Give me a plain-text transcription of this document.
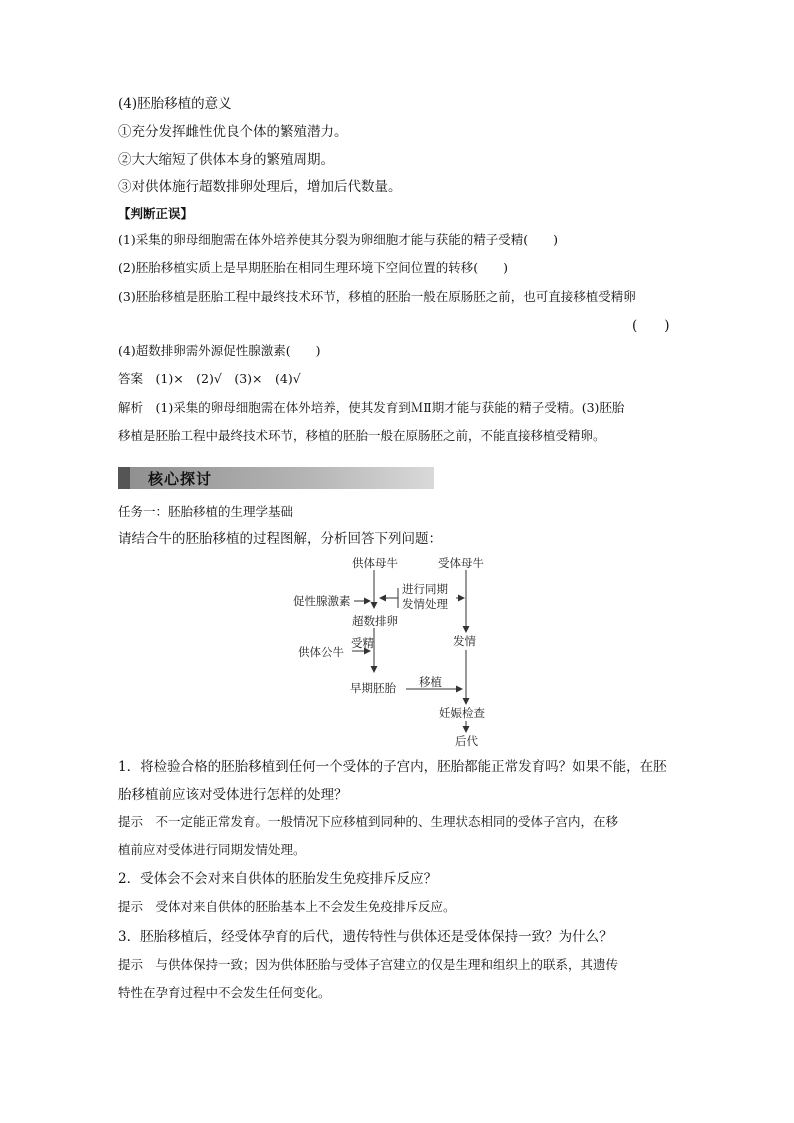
(4)胚胎移植的意义
①充分发挥雌性优良个体的繁殖潜力。
②大大缩短了供体本身的繁殖周期。
③对供体施行超数排卵处理后，增加后代数量。
【判断正误】
(1)采集的卵母细胞需在体外培养使其分裂为卵细胞才能与获能的精子受精(　　)
(2)胚胎移植实质上是早期胚胎在相同生理环境下空间位置的转移(　　)
(3)胚胎移植是胚胎工程中最终技术环节，移植的胚胎一般在原肠胚之前，也可直接移植受精卵
(　　)
(4)超数排卵需外源促性腺激素(　　)
答案　(1)×　(2)√　(3)×　(4)√
解析　(1)采集的卵母细胞需在体外培养，使其发育到ＭⅡ期才能与获能的精子受精。(3)胚胎
移植是胚胎工程中最终技术环节，移植的胚胎一般在原肠胚之前，不能直接移植受精卵。
核心探讨
任务一：胚胎移植的生理学基础
请结合牛的胚胎移植的过程图解，分析回答下列问题：
供体母牛	受体母牛
进行同期
发情处理
促性腺激素
超数排卵
发情
受精
供体公牛
早期胚胎 移植
妊娠检查
后代
1．将检验合格的胚胎移植到任何一个受体的子宫内，胚胎都能正常发育吗？如果不能，在胚
胎移植前应该对受体进行怎样的处理？
提示　不一定能正常发育。一般情况下应移植到同种的、生理状态相同的受体子宫内，在移
植前应对受体进行同期发情处理。
2．受体会不会对来自供体的胚胎发生免疫排斥反应？
提示　受体对来自供体的胚胎基本上不会发生免疫排斥反应。
3．胚胎移植后，经受体孕育的后代，遗传特性与供体还是受体保持一致？为什么？
提示　与供体保持一致；因为供体胚胎与受体子宫建立的仅是生理和组织上的联系，其遗传
特性在孕育过程中不会发生任何变化。
